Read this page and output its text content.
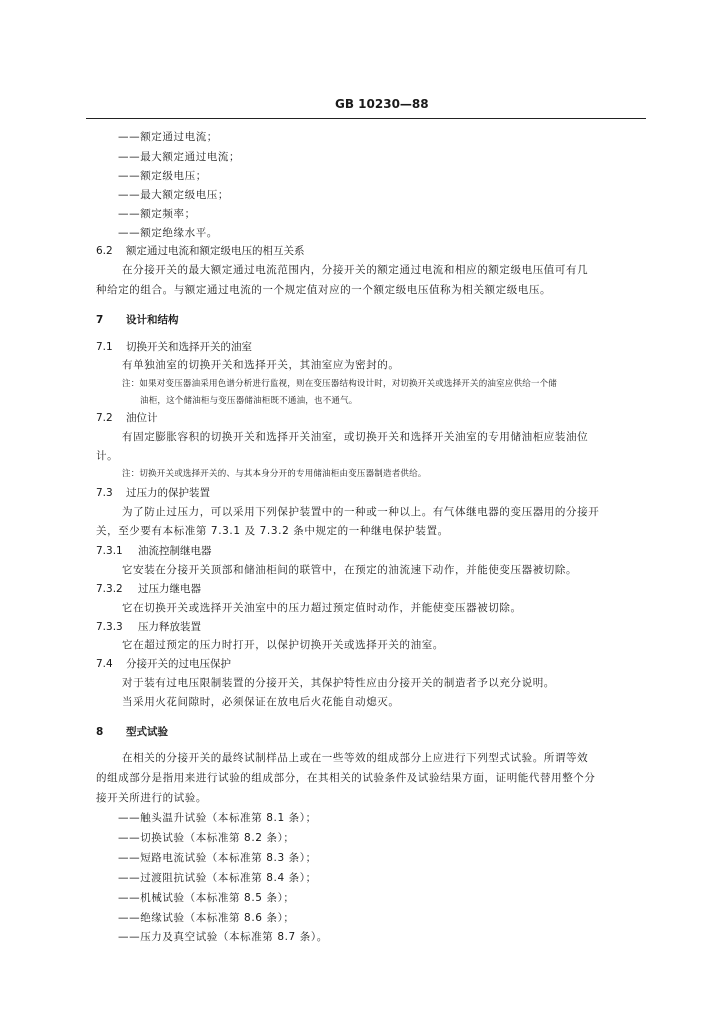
GB 10230—88
——额定通过电流；
——最大额定通过电流；
——额定级电压；
——最大额定级电压；
——额定频率；
——额定绝缘水平。
6.2 额定通过电流和额定级电压的相互关系
在分接开关的最大额定通过电流范围内，分接开关的额定通过电流和相应的额定级电压值可有几
种给定的组合。与额定通过电流的一个规定值对应的一个额定级电压值称为相关额定级电压。
7 设计和结构
7.1 切换开关和选择开关的油室
有单独油室的切换开关和选择开关，其油室应为密封的。
注：如果对变压器油采用色谱分析进行监视，则在变压器结构设计时，对切换开关或选择开关的油室应供给一个储
油柜，这个储油柜与变压器储油柜既不通油，也不通气。
7.2 油位计
有固定膨胀容积的切换开关和选择开关油室，或切换开关和选择开关油室的专用储油柜应装油位
计。
注：切换开关或选择开关的、与其本身分开的专用储油柜由变压器制造者供给。
7.3 过压力的保护装置
为了防止过压力，可以采用下列保护装置中的一种或一种以上。有气体继电器的变压器用的分接开
关，至少要有本标准第 7.3.1 及 7.3.2 条中规定的一种继电保护装置。
7.3.1 油流控制继电器
它安装在分接开关顶部和储油柜间的联管中，在预定的油流速下动作，并能使变压器被切除。
7.3.2 过压力继电器
它在切换开关或选择开关油室中的压力超过预定值时动作，并能使变压器被切除。
7.3.3 压力释放装置
它在超过预定的压力时打开，以保护切换开关或选择开关的油室。
7.4 分接开关的过电压保护
对于装有过电压限制装置的分接开关，其保护特性应由分接开关的制造者予以充分说明。
当采用火花间隙时，必须保证在放电后火花能自动熄灭。
8 型式试验
在相关的分接开关的最终试制样品上或在一些等效的组成部分上应进行下列型式试验。所谓等效
的组成部分是指用来进行试验的组成部分，在其相关的试验条件及试验结果方面，证明能代替用整个分
接开关所进行的试验。
——触头温升试验（本标准第 8.1 条）；
——切换试验（本标准第 8.2 条）；
——短路电流试验（本标准第 8.3 条）；
——过渡阻抗试验（本标准第 8.4 条）；
——机械试验（本标准第 8.5 条）；
——绝缘试验（本标准第 8.6 条）；
——压力及真空试验（本标准第 8.7 条）。
